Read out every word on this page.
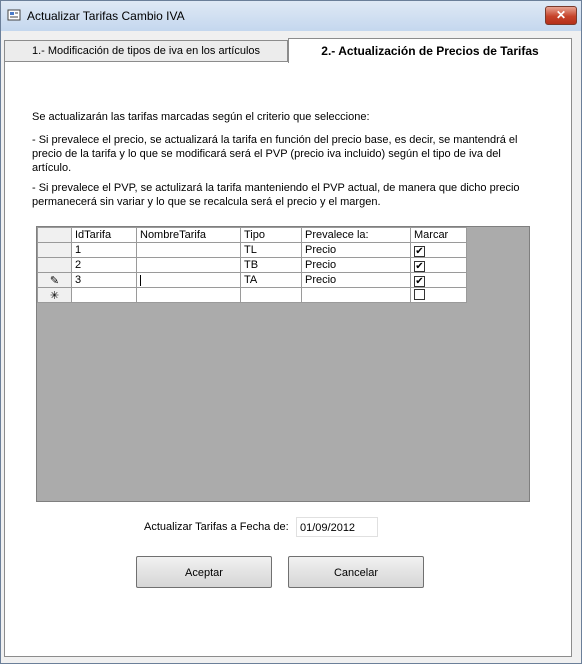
Actualizar Tarifas Cambio IVA	✕
1.- Modificación de tipos de iva en los artículos	2.- Actualización de Precios de Tarifas
Se actualizarán las tarifas marcadas según el criterio que seleccione:
- Si prevalece el precio, se actualizará la tarifa en función del precio base, es decir, se mantendrá el precio de la tarifa y lo que se modificará será el PVP (precio iva incluido) según el tipo de iva del artículo.
- Si prevalece el PVP, se actulizará la tarifa manteniendo el PVP actual, de manera que dicho precio permanecerá sin variar y lo que se recalcula será el precio y el margen.
	IdTarifa	NombreTarifa	Tipo	Prevalece la:	Marcar
	1		TL	Precio	✔
	2		TB	Precio	✔
✎	3		TA	Precio	✔
✳					
Actualizar Tarifas a Fecha de:	01/09/2012
Aceptar	Cancelar
